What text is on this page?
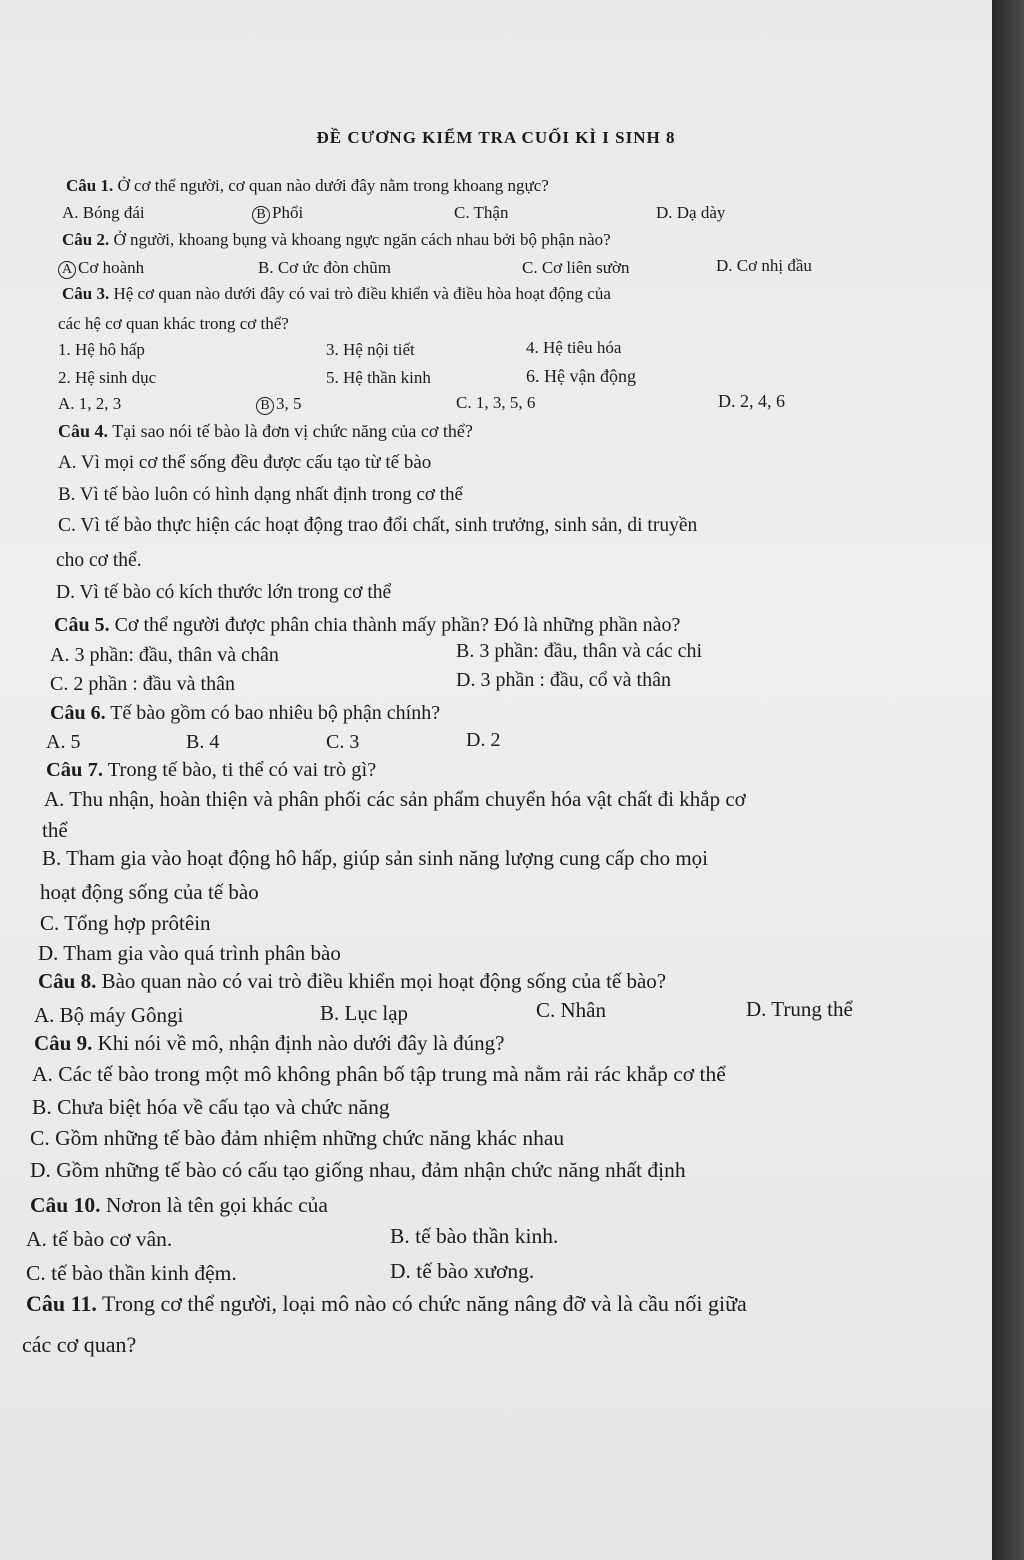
ĐỀ CƯƠNG KIỂM TRA CUỐI KÌ I SINH 8
Câu 1. Ở cơ thể người, cơ quan nào dưới đây nằm trong khoang ngực?
A. Bóng đái	B Phổi	C. Thận	D. Dạ dày
Câu 2. Ở người, khoang bụng và khoang ngực ngăn cách nhau bởi bộ phận nào?
A Cơ hoành	B. Cơ ức đòn chũm	C. Cơ liên sườn	D. Cơ nhị đầu
Câu 3. Hệ cơ quan nào dưới đây có vai trò điều khiển và điều hòa hoạt động của
các hệ cơ quan khác trong cơ thể?
1. Hệ hô hấp	3. Hệ nội tiết	4. Hệ tiêu hóa
2. Hệ sinh dục	5. Hệ thần kinh	6. Hệ vận động
A. 1, 2, 3	B 3, 5	C. 1, 3, 5, 6	D. 2, 4, 6
Câu 4. Tại sao nói tế bào là đơn vị chức năng của cơ thể?
A. Vì mọi cơ thể sống đều được cấu tạo từ tế bào
B. Vì tế bào luôn có hình dạng nhất định trong cơ thể
C. Vì tế bào thực hiện các hoạt động trao đổi chất, sinh trưởng, sinh sản, di truyền
cho cơ thể.
D. Vì tế bào có kích thước lớn trong cơ thể
Câu 5. Cơ thể người được phân chia thành mấy phần? Đó là những phần nào?
A. 3 phần: đầu, thân và chân	B. 3 phần: đầu, thân và các chi
C. 2 phần : đầu và thân	D. 3 phần : đầu, cổ và thân
Câu 6. Tế bào gồm có bao nhiêu bộ phận chính?
A. 5	B. 4	C. 3	D. 2
Câu 7. Trong tế bào, ti thể có vai trò gì?
A. Thu nhận, hoàn thiện và phân phối các sản phẩm chuyển hóa vật chất đi khắp cơ
thể
B. Tham gia vào hoạt động hô hấp, giúp sản sinh năng lượng cung cấp cho mọi
hoạt động sống của tế bào
C. Tổng hợp prôtêin
D. Tham gia vào quá trình phân bào
Câu 8. Bào quan nào có vai trò điều khiển mọi hoạt động sống của tế bào?
A. Bộ máy Gôngi	B. Lục lạp	C. Nhân	D. Trung thể
Câu 9. Khi nói về mô, nhận định nào dưới đây là đúng?
A. Các tế bào trong một mô không phân bố tập trung mà nằm rải rác khắp cơ thể
B. Chưa biệt hóa về cấu tạo và chức năng
C. Gồm những tế bào đảm nhiệm những chức năng khác nhau
D. Gồm những tế bào có cấu tạo giống nhau, đảm nhận chức năng nhất định
Câu 10. Nơron là tên gọi khác của
A. tế bào cơ vân.	B. tế bào thần kinh.
C. tế bào thần kinh đệm.	D. tế bào xương.
Câu 11. Trong cơ thể người, loại mô nào có chức năng nâng đỡ và là cầu nối giữa
các cơ quan?
